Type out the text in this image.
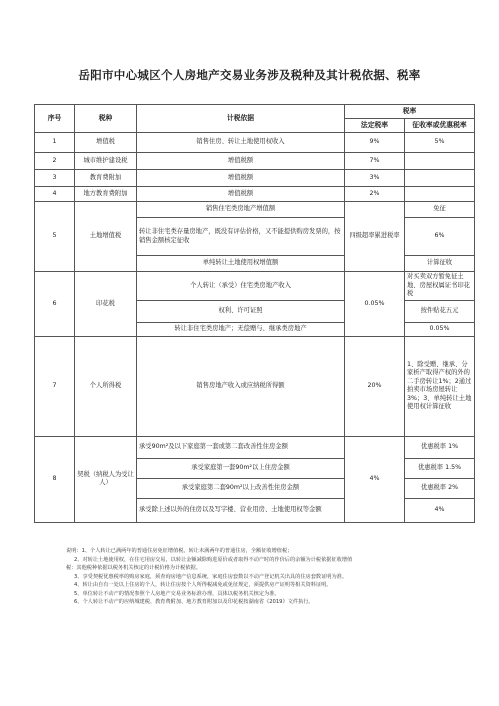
岳阳市中心城区个人房地产交易业务涉及税种及其计税依据、税率
序号	税种	计税依据	税率	
			法定税率	征收率或优惠税率
1	增值税	销售住房、转让土地使用权收入	9%	5%
2	城市维护建设税	增值税额	7%	
3	教育费附加	增值税额	3%	
4	地方教育费附加	增值税额	2%	
5	土地增值税	销售住宅类房地产增值额	四级超率累进税率	免征
		转让非住宅类存量房地产，既没有评估价格，又不能提供购房发票的，按销售金额核定征收		6%
		单纯转让土地使用权增值额		计算征收
6	印花税	个人转让（承受）住宅类房地产收入	0.05%	对买卖双方暂免征土地、房屋权属证书印花税
		权利、许可证照		按件贴花五元
		转让非住宅类房地产；无偿赠与、继承类房地产		0.05%
7	个人所得税	销售房地产收入或应纳税所得额	20%	1、除受赠、继承、分家析产取得产权的外的二手房转让1%；2通过拍卖市场房屋转让3%；3、单纯转让土地使用权计算征收
8	契税（纳税人为受让人）	承受90m²及以下家庭第一套或第二套改善性住房金额	4%	优惠税率 1%
		承受家庭第一套90m²以上住房金额		优惠税率 1.5%
		承受家庭第二套90m²以上改善性住房金额		优惠税率 2%
		承受除上述以外的住房以及写字楼、营业用房、土地使用权等金额		4%
说明：1、个人转让已满两年的普通住房免征增值税，转让未满两年的普通住房，全额征收增值税；
2、对转让土地使用权，在住宅用房交易，以转让金额减除购进原价或者取得不动产时的作价后的余额为计税依据征收增值
税：其他税种依据以税务机关核定的计税价格为计税依据。
3、享受契税优惠税率的购房家庭，须查询房地产信息系统，家庭住房套数以不动产登记机关出具的住房套数证明为准。
4、转让由自有一处以上住房的个人，转让住房按个人所得税减免或免征规定，须提供房产证明等相关资料证明。
5、单位转让不动产的情况参照个人房地产交易业务标准办理，具体以税务机关核定为准。
6、个人转让不动产的应纳城建税、教育费附加、地方教育附加以及印花税按湖南省《2019》文件执行。
